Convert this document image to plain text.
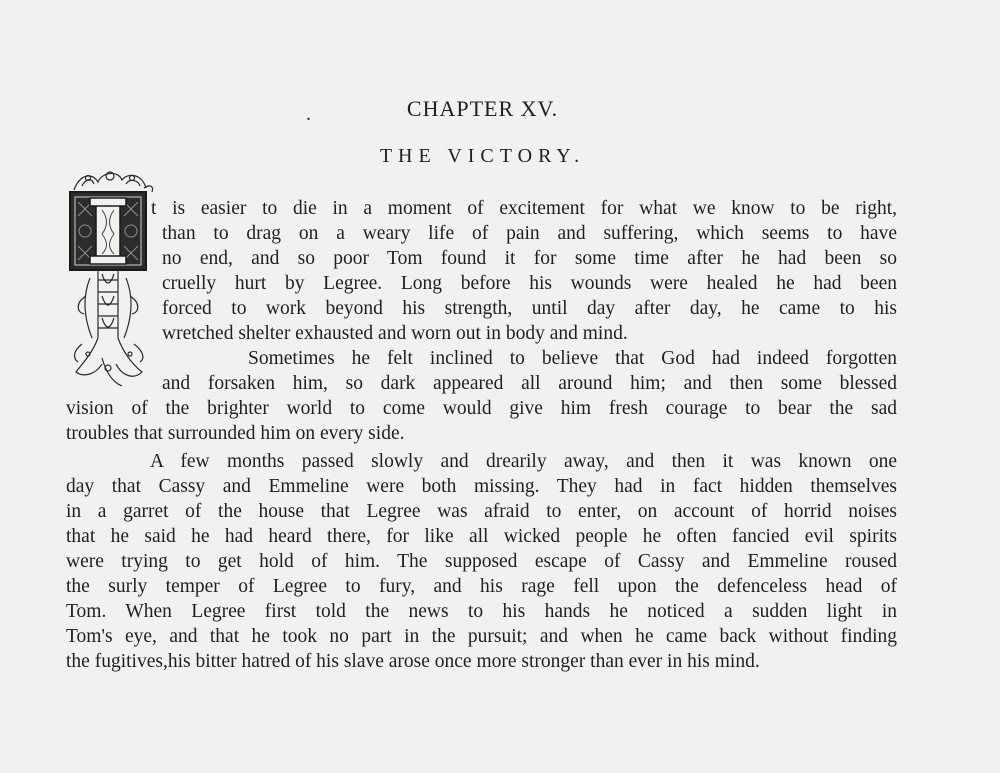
.	CHAPTER XV.
THE VICTORY.

t is easier to die in a moment of excitement for what we know to be right,

than to drag on a weary life of pain and suffering, which seems to have

no end, and so poor Tom found it for some time after he had been so

cruelly hurt by Legree. Long before his wounds were healed he had been

forced to work beyond his strength, until day after day, he came to his

wretched shelter exhausted and worn out in body and mind.

Sometimes he felt inclined to believe that God had indeed forgotten

and forsaken him, so dark appeared all around him; and then some blessed

vision of the brighter world to come would give him fresh courage to bear the sad

troubles that surrounded him on every side.

A few months passed slowly and drearily away, and then it was known one

day that Cassy and Emmeline were both missing. They had in fact hidden themselves

in a garret of the house that Legree was afraid to enter, on account of horrid noises

that he said he had heard there, for like all wicked people he often fancied evil spirits

were trying to get hold of him. The supposed escape of Cassy and Emmeline roused

the surly temper of Legree to fury, and his rage fell upon the defenceless head of

Tom. When Legree first told the news to his hands he noticed a sudden light in

Tom's eye, and that he took no part in the pursuit; and when he came back without finding

the fugitives,his bitter hatred of his slave arose once more stronger than ever in his mind.
